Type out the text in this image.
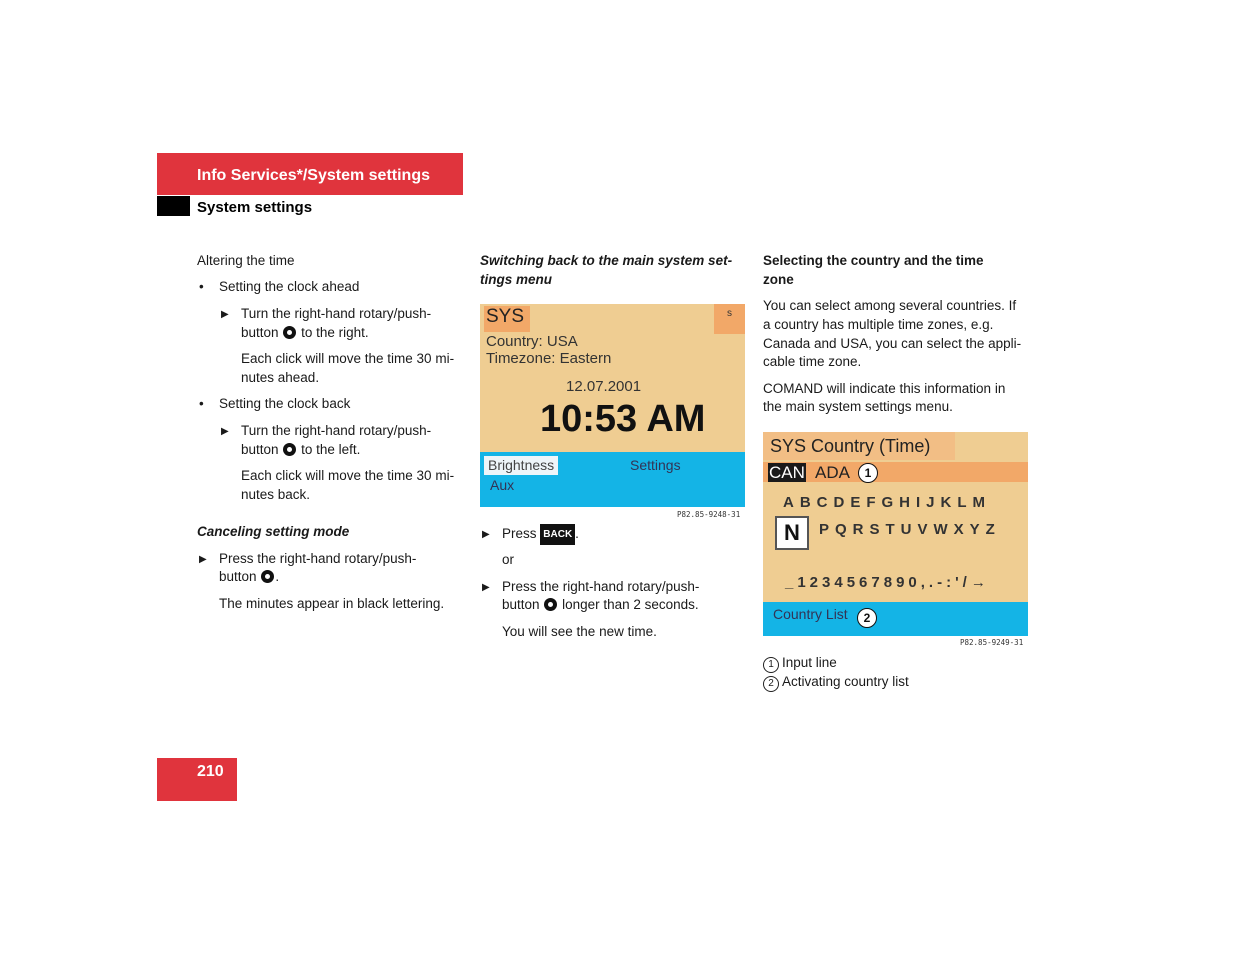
Info Services*/System settings
System settings
Altering the time
• Setting the clock ahead
▶ Turn the right-hand rotary/push-
button to the right.
Each click will move the time 30 mi-
nutes ahead.
• Setting the clock back
▶ Turn the right-hand rotary/push-
button to the left.
Each click will move the time 30 mi-
nutes back.
Canceling setting mode
▶ Press the right-hand rotary/push-
button .
The minutes appear in black lettering.
Switching back to the main system set-
tings menu
SYS	s
Country: USA
Timezone: Eastern
12.07.2001
10:53 AM
Brightness	Settings
Aux
P82.85-9248-31
▶ Press BACK .
or
▶ Press the right-hand rotary/push-
button longer than 2 seconds.
You will see the new time.
Selecting the country and the time
zone
You can select among several countries. If
a country has multiple time zones, e.g.
Canada and USA, you can select the appli-
cable time zone.
COMAND will indicate this information in
the main system settings menu.
SYS Country (Time)
CAN ADA	1
ABCDEFGHIJKLM
N	PQRSTUVWXYZ
_1234567890,.-:'/→
Country List	2
P82.85-9249-31
1 Input line
2 Activating country list
210
